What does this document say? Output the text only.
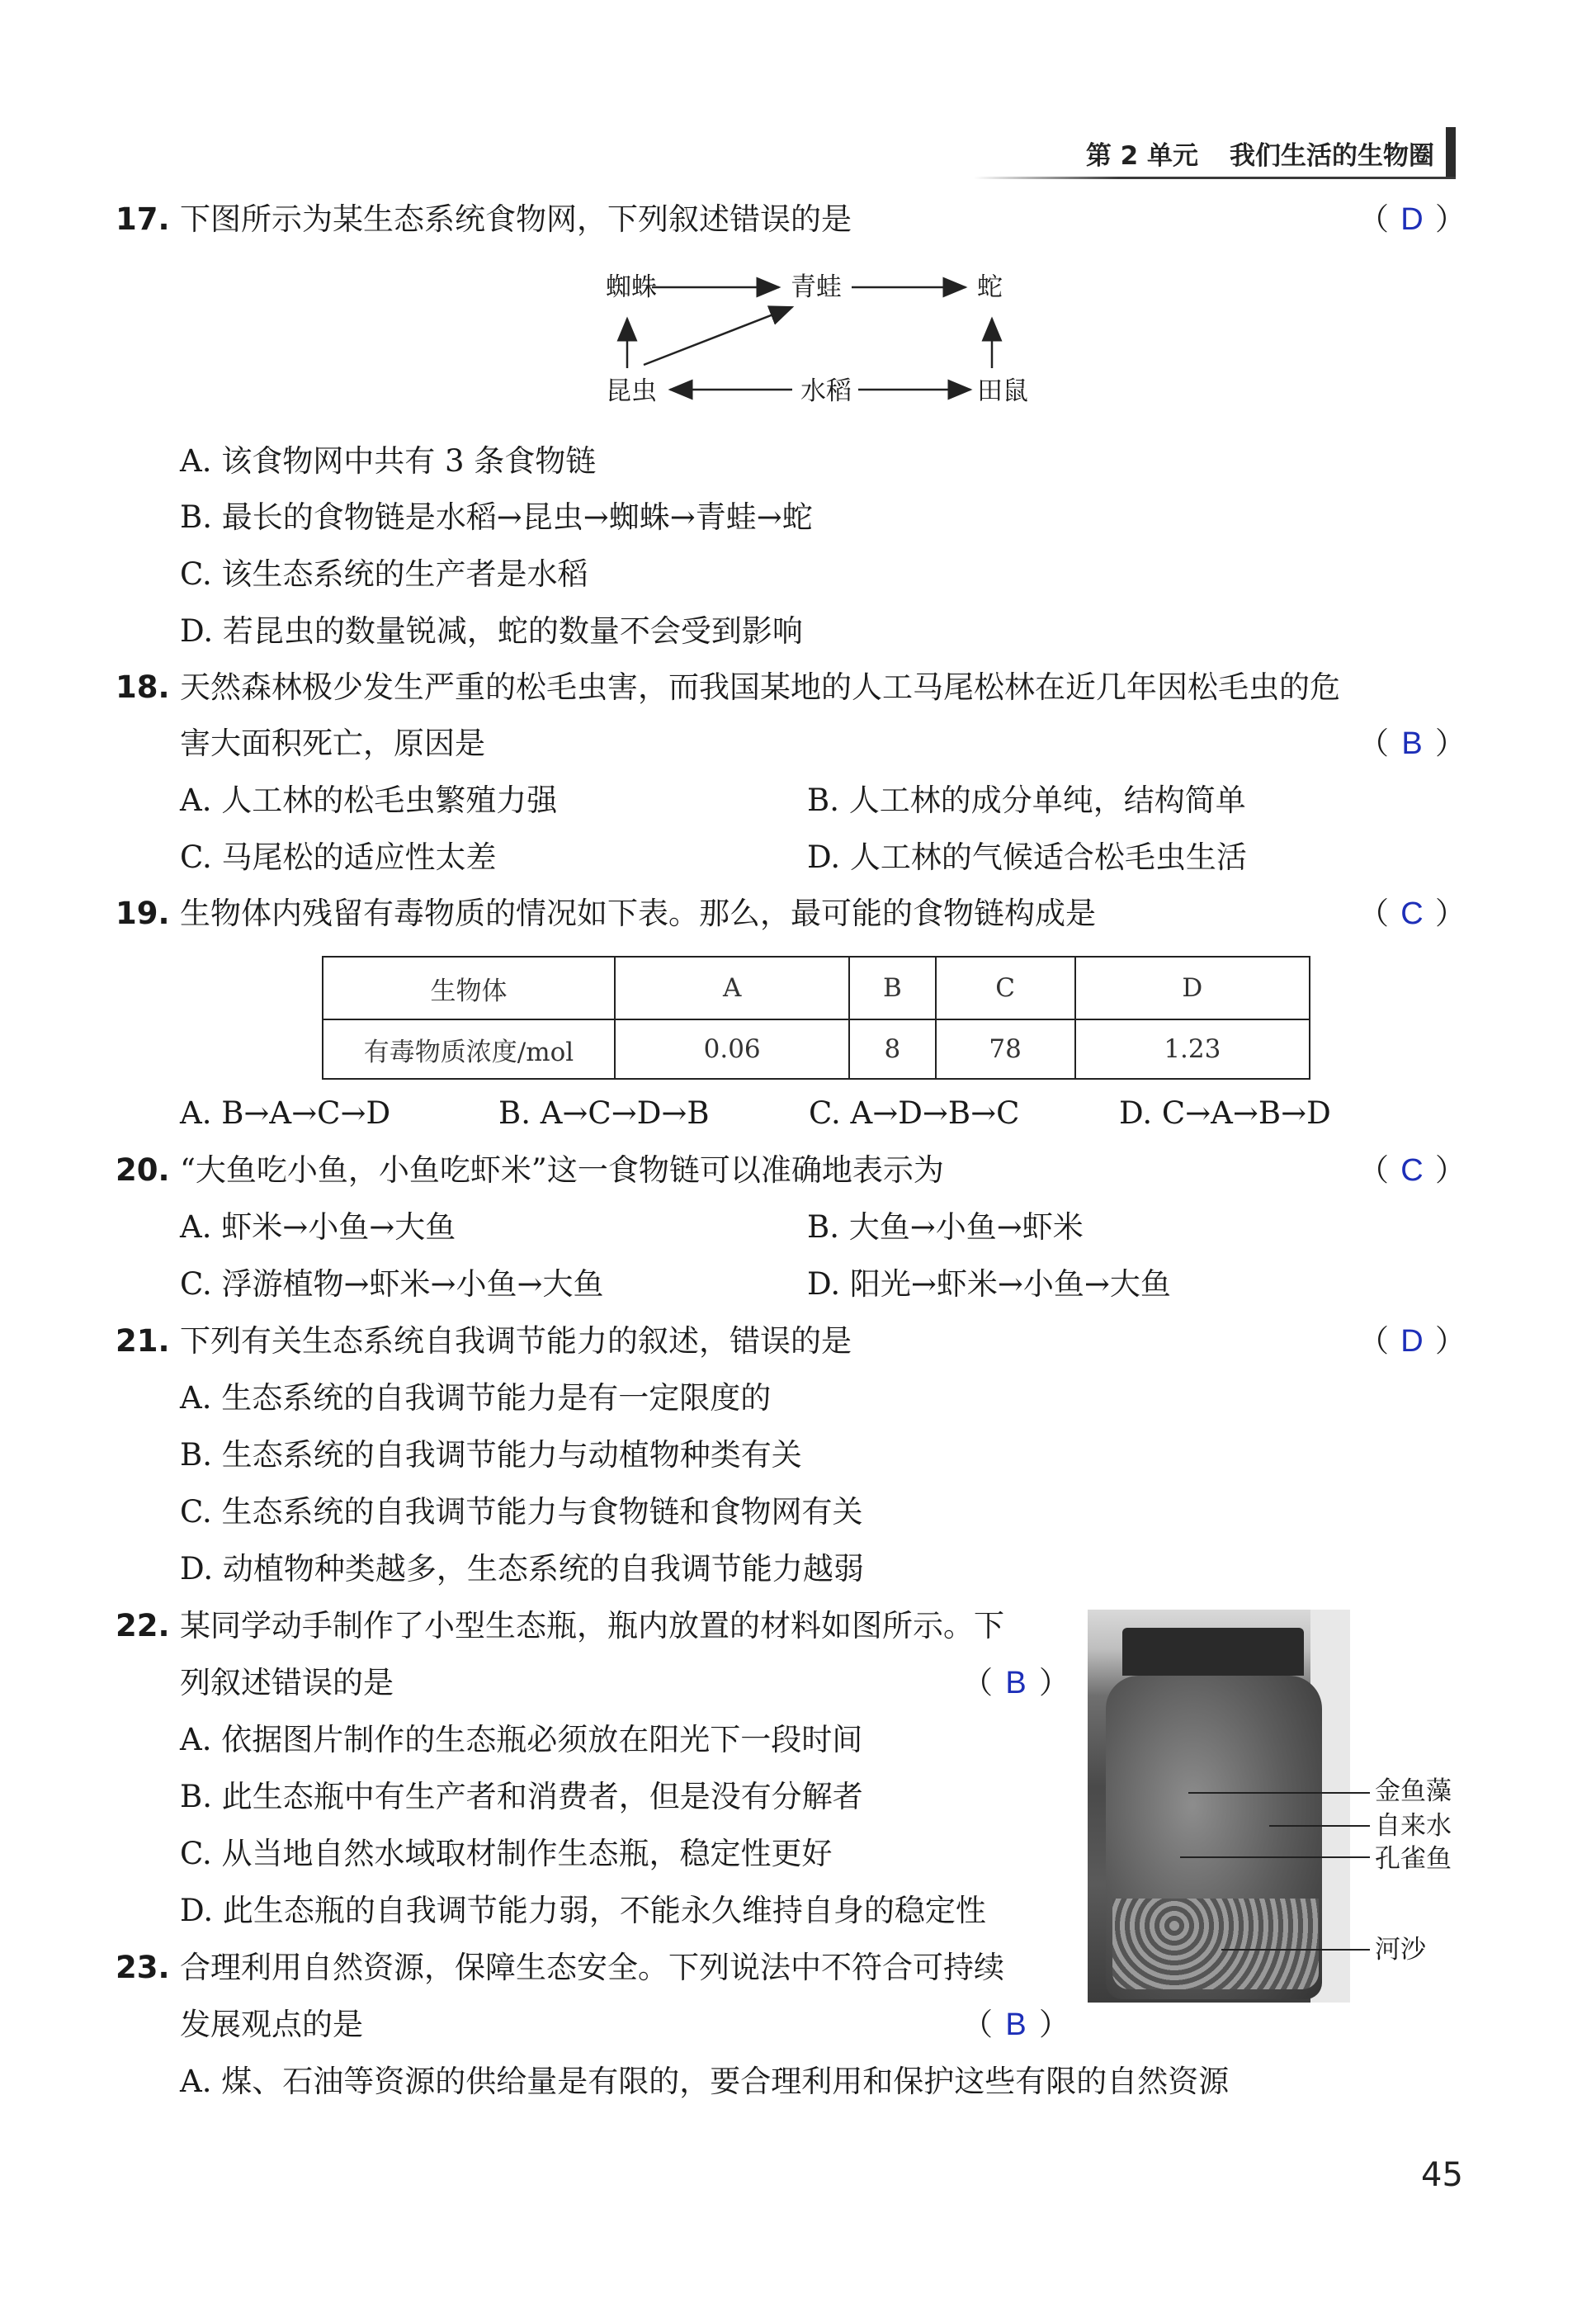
第 2 单元 我们生活的生物圈
17. 下图所示为某生态系统食物网，下列叙述错误的是	（ D ）
蜘蛛	青蛙	蛇
昆虫	水稻	田鼠
A. 该食物网中共有 3 条食物链
B. 最长的食物链是水稻→昆虫→蜘蛛→青蛙→蛇
C. 该生态系统的生产者是水稻
D. 若昆虫的数量锐减，蛇的数量不会受到影响
18. 天然森林极少发生严重的松毛虫害，而我国某地的人工马尾松林在近几年因松毛虫的危
害大面积死亡，原因是	（ B ）
A. 人工林的松毛虫繁殖力强	B. 人工林的成分单纯，结构简单
C. 马尾松的适应性太差	D. 人工林的气候适合松毛虫生活
19. 生物体内残留有毒物质的情况如下表。那么，最可能的食物链构成是	（ C ）
生物体	A	B	C	D
有毒物质浓度/mol	0.06	8	78	1.23
A. B→A→C→D	B. A→C→D→B	C. A→D→B→C	D. C→A→B→D
20. “大鱼吃小鱼，小鱼吃虾米”这一食物链可以准确地表示为	（ C ）
A. 虾米→小鱼→大鱼	B. 大鱼→小鱼→虾米
C. 浮游植物→虾米→小鱼→大鱼	D. 阳光→虾米→小鱼→大鱼
21. 下列有关生态系统自我调节能力的叙述，错误的是	（ D ）
A. 生态系统的自我调节能力是有一定限度的
B. 生态系统的自我调节能力与动植物种类有关
C. 生态系统的自我调节能力与食物链和食物网有关
D. 动植物种类越多，生态系统的自我调节能力越弱
22. 某同学动手制作了小型生态瓶，瓶内放置的材料如图所示。下
列叙述错误的是	（ B ）
A. 依据图片制作的生态瓶必须放在阳光下一段时间
B. 此生态瓶中有生产者和消费者，但是没有分解者
C. 从当地自然水域取材制作生态瓶，稳定性更好
D. 此生态瓶的自我调节能力弱，不能永久维持自身的稳定性
金鱼藻
自来水
孔雀鱼
河沙
23. 合理利用自然资源，保障生态安全。下列说法中不符合可持续
发展观点的是	（ B ）
A. 煤、石油等资源的供给量是有限的，要合理利用和保护这些有限的自然资源
45
